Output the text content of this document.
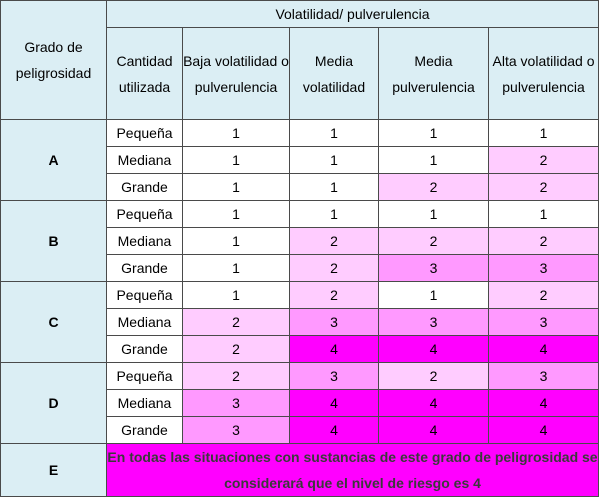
Grado de peligrosidad	Volatilidad/ pulverulencia				
	Cantidad utilizada	Baja volatilidad o pulverulencia	Media volatilidad	Media pulverulencia	Alta volatilidad o pulverulencia
A	Pequeña	1	1	1	1
	Mediana	1	1	1	2
	Grande	1	1	2	2
B	Pequeña	1	1	1	1
	Mediana	1	2	2	2
	Grande	1	2	3	3
C	Pequeña	1	2	1	2
	Mediana	2	3	3	3
	Grande	2	4	4	4
D	Pequeña	2	3	2	3
	Mediana	3	4	4	4
	Grande	3	4	4	4
E	En todas las situaciones con sustancias de este grado de peligrosidad se considerará que el nivel de riesgo es 4				
